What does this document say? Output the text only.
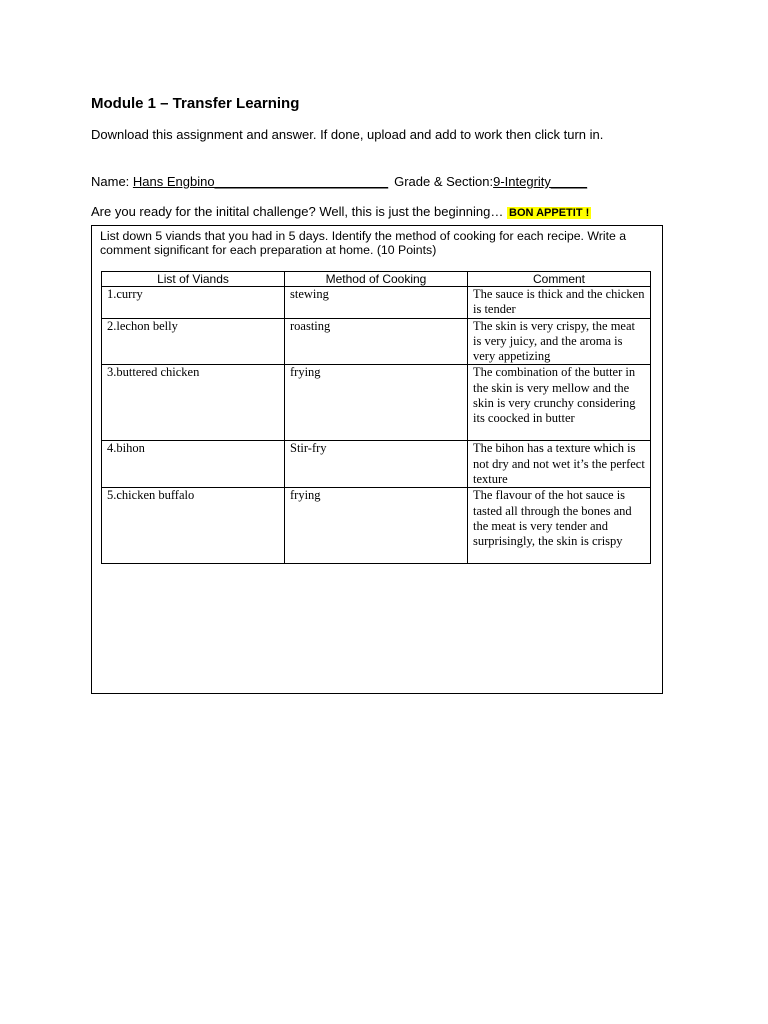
Module 1 – Transfer Learning
Download this assignment and answer. If done, upload and add to work then click turn in.
Name: Hans Engbino________________________ Grade & Section:9-Integrity_____
Are you ready for the initital challenge? Well, this is just the beginning… BON APPETIT !
List down 5 viands that you had in 5 days. Identify the method of cooking for each recipe. Write a comment significant for each preparation at home. (10 Points)
List of Viands	Method of Cooking	Comment
1.curry	stewing	The sauce is thick and the chicken is tender
2.lechon belly	roasting	The skin is very crispy, the meat is very juicy, and the aroma is very appetizing
3.buttered chicken	frying	The combination of the butter in the skin is very mellow and the skin is very crunchy considering its coocked in butter
4.bihon	Stir-fry	The bihon has a texture which is not dry and not wet it’s the perfect texture
5.chicken buffalo	frying	The flavour of the hot sauce is tasted all through the bones and the meat is very tender and surprisingly, the skin is crispy
